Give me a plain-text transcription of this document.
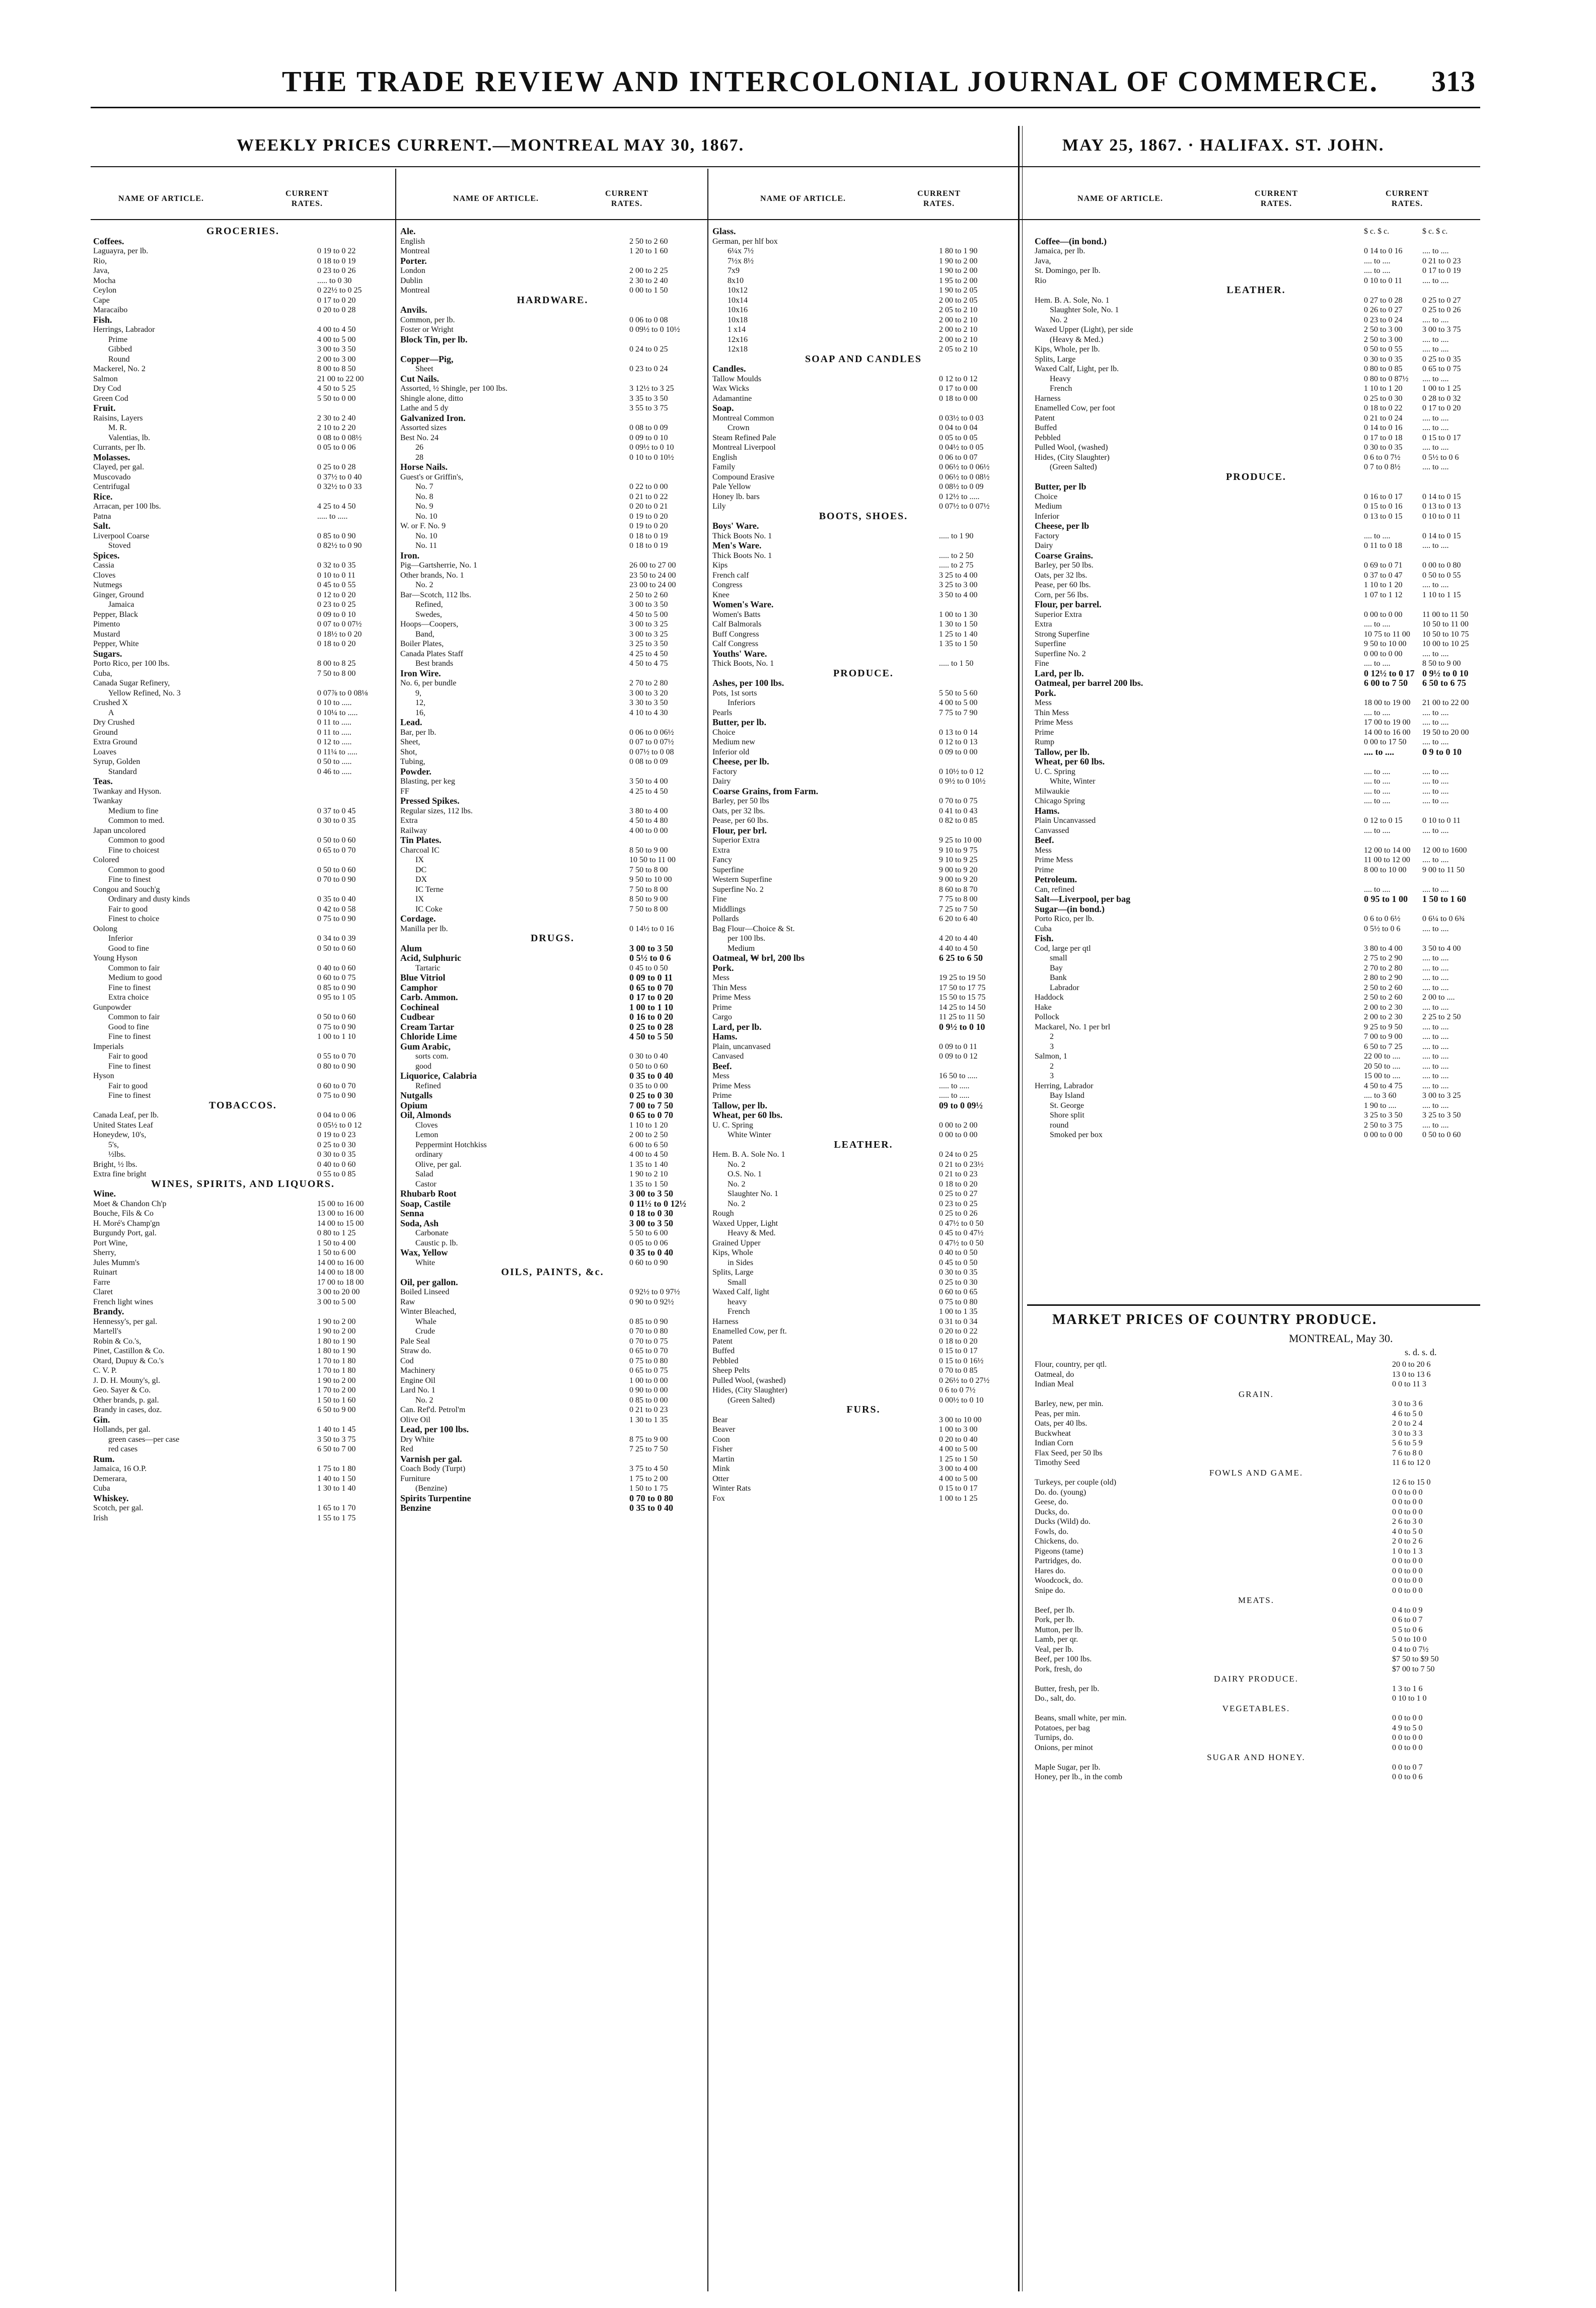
THE TRADE REVIEW AND INTERCOLONIAL JOURNAL OF COMMERCE. 313
WEEKLY PRICES CURRENT.—MONTREAL MAY 30, 1867.	MAY 25, 1867. · HALIFAX. ST. JOHN.
NAME OF ARTICLE.
CURRENT RATES.
NAME OF ARTICLE.
CURRENT RATES.
NAME OF ARTICLE.
CURRENT RATES.
NAME OF ARTICLE.
CURRENT RATES.
CURRENT RATES.
GROCERIES.
Coffees.
Laguayra, per lb.	0 19 to 0 22
Rio,	0 18 to 0 19
Java,	0 23 to 0 26
Mocha	..... to 0 30
Ceylon	0 22½ to 0 25
Cape	0 17 to 0 20
Maracaibo	0 20 to 0 28
Fish.
Herrings, Labrador	4 00 to 4 50
Prime	4 00 to 5 00
Gibbed	3 00 to 3 50
Round	2 00 to 3 00
Mackerel, No. 2	8 00 to 8 50
Salmon	21 00 to 22 00
Dry Cod	4 50 to 5 25
Green Cod	5 50 to 0 00
Fruit.
Raisins, Layers	2 30 to 2 40
M. R.	2 10 to 2 20
Valentias, lb.	0 08 to 0 08½
Currants, per lb.	0 05 to 0 06
Molasses.
Clayed, per gal.	0 25 to 0 28
Muscovado	0 37½ to 0 40
Centrifugal	0 32½ to 0 33
Rice.
Arracan, per 100 lbs.	4 25 to 4 50
Patna	..... to .....
Salt.
Liverpool Coarse	0 85 to 0 90
Stoved	0 82½ to 0 90
Spices.
Cassia	0 32 to 0 35
Cloves	0 10 to 0 11
Nutmegs	0 45 to 0 55
Ginger, Ground	0 12 to 0 20
Jamaica	0 23 to 0 25
Pepper, Black	0 09 to 0 10
Pimento	0 07 to 0 07½
Mustard	0 18½ to 0 20
Pepper, White	0 18 to 0 20
Sugars.
Porto Rico, per 100 lbs.	8 00 to 8 25
Cuba,	7 50 to 8 00
Canada Sugar Refinery,
Yellow Refined, No. 3	0 07⅞ to 0 08⅛
Crushed X	0 10 to .....
A	0 10¼ to .....
Dry Crushed	0 11 to .....
Ground	0 11 to .....
Extra Ground	0 12 to .....
Loaves	0 11¼ to .....
Syrup, Golden	0 50 to .....
Standard	0 46 to .....
Teas.
Twankay and Hyson.
Twankay
Medium to fine	0 37 to 0 45
Common to med.	0 30 to 0 35
Japan uncolored
Common to good	0 50 to 0 60
Fine to choicest	0 65 to 0 70
Colored
Common to good	0 50 to 0 60
Fine to finest	0 70 to 0 90
Congou and Souch'g
Ordinary and dusty kinds	0 35 to 0 40
Fair to good	0 42 to 0 58
Finest to choice	0 75 to 0 90
Oolong
Inferior	0 34 to 0 39
Good to fine	0 50 to 0 60
Young Hyson
Common to fair	0 40 to 0 60
Medium to good	0 60 to 0 75
Fine to finest	0 85 to 0 90
Extra choice	0 95 to 1 05
Gunpowder
Common to fair	0 50 to 0 60
Good to fine	0 75 to 0 90
Fine to finest	1 00 to 1 10
Imperials
Fair to good	0 55 to 0 70
Fine to finest	0 80 to 0 90
Hyson
Fair to good	0 60 to 0 70
Fine to finest	0 75 to 0 90
TOBACCOS.
Canada Leaf, per lb.	0 04 to 0 06
United States Leaf	0 05½ to 0 12
Honeydew, 10's,	0 19 to 0 23
5's,	0 25 to 0 30
½lbs.	0 30 to 0 35
Bright, ½ lbs.	0 40 to 0 60
Extra fine bright	0 55 to 0 85
WINES, SPIRITS, AND LIQUORS.
Wine.
Moet & Chandon Ch'p	15 00 to 16 00
Bouche, Fils & Co	13 00 to 16 00
H. Moré's Champ'gn	14 00 to 15 00
Burgundy Port, gal.	0 80 to 1 25
Port Wine,	1 50 to 4 00
Sherry,	1 50 to 6 00
Jules Mumm's	14 00 to 16 00
Ruinart	14 00 to 18 00
Farre	17 00 to 18 00
Claret	3 00 to 20 00
French light wines	3 00 to 5 00
Brandy.
Hennessy's, per gal.	1 90 to 2 00
Martell's	1 90 to 2 00
Robin & Co.'s,	1 80 to 1 90
Pinet, Castillon & Co.	1 80 to 1 90
Otard, Dupuy & Co.'s	1 70 to 1 80
C. V. P.	1 70 to 1 80
J. D. H. Mouny's, gl.	1 90 to 2 00
Geo. Sayer & Co.	1 70 to 2 00
Other brands, p. gal.	1 50 to 1 60
Brandy in cases, doz.	6 50 to 9 00
Gin.
Hollands, per gal.	1 40 to 1 45
green cases—per case	3 50 to 3 75
red cases	6 50 to 7 00
Rum.
Jamaica, 16 O.P.	1 75 to 1 80
Demerara,	1 40 to 1 50
Cuba	1 30 to 1 40
Whiskey.
Scotch, per gal.	1 65 to 1 70
Irish	1 55 to 1 75
Ale.
English	2 50 to 2 60
Montreal	1 20 to 1 60
Porter.
London	2 00 to 2 25
Dublin	2 30 to 2 40
Montreal	0 00 to 1 50
HARDWARE.
Anvils.
Common, per lb.	0 06 to 0 08
Foster or Wright	0 09½ to 0 10½
Block Tin, per lb.
0 24 to 0 25
Copper—Pig,
Sheet	0 23 to 0 24
Cut Nails.
Assorted, ½ Shingle, per 100 lbs.	3 12½ to 3 25
Shingle alone, ditto	3 35 to 3 50
Lathe and 5 dy	3 55 to 3 75
Galvanized Iron.
Assorted sizes	0 08 to 0 09
Best No. 24	0 09 to 0 10
26	0 09½ to 0 10
28	0 10 to 0 10½
Horse Nails.
Guest's or Griffin's,
No. 7	0 22 to 0 00
No. 8	0 21 to 0 22
No. 9	0 20 to 0 21
No. 10	0 19 to 0 20
W. or F. No. 9	0 19 to 0 20
No. 10	0 18 to 0 19
No. 11	0 18 to 0 19
Iron.
Pig—Gartsherrie, No. 1	26 00 to 27 00
Other brands, No. 1	23 50 to 24 00
No. 2	23 00 to 24 00
Bar—Scotch, 112 lbs.	2 50 to 2 60
Refined,	3 00 to 3 50
Swedes,	4 50 to 5 00
Hoops—Coopers,	3 00 to 3 25
Band,	3 00 to 3 25
Boiler Plates,	3 25 to 3 50
Canada Plates Staff	4 25 to 4 50
Best brands	4 50 to 4 75
Iron Wire.
No. 6, per bundle	2 70 to 2 80
9,	3 00 to 3 20
12,	3 30 to 3 50
16,	4 10 to 4 30
Lead.
Bar, per lb.	0 06 to 0 06½
Sheet,	0 07 to 0 07½
Shot,	0 07½ to 0 08
Tubing,	0 08 to 0 09
Powder.
Blasting, per keg	3 50 to 4 00
FF	4 25 to 4 50
Pressed Spikes.
Regular sizes, 112 lbs.	3 80 to 4 00
Extra	4 50 to 4 80
Railway	4 00 to 0 00
Tin Plates.
Charcoal IC	8 50 to 9 00
IX	10 50 to 11 00
DC	7 50 to 8 00
DX	9 50 to 10 00
IC Terne	7 50 to 8 00
IX	8 50 to 9 00
IC Coke	7 50 to 8 00
Cordage.
Manilla per lb.	0 14½ to 0 16
DRUGS.
Alum	3 00 to 3 50
Acid, Sulphuric	0 5½ to 0 6
Tartaric	0 45 to 0 50
Blue Vitriol	0 09 to 0 11
Camphor	0 65 to 0 70
Carb. Ammon.	0 17 to 0 20
Cochineal	1 00 to 1 10
Cudbear	0 16 to 0 20
Cream Tartar	0 25 to 0 28
Chloride Lime	4 50 to 5 50
Gum Arabic,
sorts com.	0 30 to 0 40
good	0 50 to 0 60
Liquorice, Calabria	0 35 to 0 40
Refined	0 35 to 0 00
Nutgalls	0 25 to 0 30
Opium	7 00 to 7 50
Oil, Almonds	0 65 to 0 70
Cloves	1 10 to 1 20
Lemon	2 00 to 2 50
Peppermint Hotchkiss	6 00 to 6 50
ordinary	4 00 to 4 50
Olive, per gal.	1 35 to 1 40
Salad	1 90 to 2 10
Castor	1 35 to 1 50
Rhubarb Root	3 00 to 3 50
Soap, Castile	0 11½ to 0 12½
Senna	0 18 to 0 30
Soda, Ash	3 00 to 3 50
Carbonate	5 50 to 6 00
Caustic p. lb.	0 05 to 0 06
Wax, Yellow	0 35 to 0 40
White	0 60 to 0 90
OILS, PAINTS, &c.
Oil, per gallon.
Boiled Linseed	0 92½ to 0 97½
Raw	0 90 to 0 92½
Winter Bleached,
Whale	0 85 to 0 90
Crude	0 70 to 0 80
Pale Seal	0 70 to 0 75
Straw do.	0 65 to 0 70
Cod	0 75 to 0 80
Machinery	0 65 to 0 75
Engine Oil	1 00 to 0 00
Lard No. 1	0 90 to 0 00
No. 2	0 85 to 0 00
Can. Ref'd. Petrol'm	0 21 to 0 23
Olive Oil	1 30 to 1 35
Lead, per 100 lbs.
Dry White	8 75 to 9 00
Red	7 25 to 7 50
Varnish per gal.
Coach Body (Turpt)	3 75 to 4 50
Furniture	1 75 to 2 00
(Benzine)	1 50 to 1 75
Spirits Turpentine	0 70 to 0 80
Benzine	0 35 to 0 40
Glass.
German, per hlf box
6¼x 7½	1 80 to 1 90
7½x 8½	1 90 to 2 00
7x9	1 90 to 2 00
8x10	1 95 to 2 00
10x12	1 90 to 2 05
10x14	2 00 to 2 05
10x16	2 05 to 2 10
10x18	2 00 to 2 10
1 x14	2 00 to 2 10
12x16	2 00 to 2 10
12x18	2 05 to 2 10
SOAP AND CANDLES
Candles.
Tallow Moulds	0 12 to 0 12
Wax Wicks	0 17 to 0 00
Adamantine	0 18 to 0 00
Soap.
Montreal Common	0 03½ to 0 03
Crown	0 04 to 0 04
Steam Refined Pale	0 05 to 0 05
Montreal Liverpool	0 04½ to 0 05
English	0 06 to 0 07
Family	0 06½ to 0 06½
Compound Erasive	0 06½ to 0 08½
Pale Yellow	0 08½ to 0 09
Honey lb. bars	0 12½ to .....
Lily	0 07½ to 0 07½
BOOTS, SHOES.
Boys' Ware.
Thick Boots No. 1	..... to 1 90
Men's Ware.
Thick Boots No. 1	..... to 2 50
Kips	..... to 2 75
French calf	3 25 to 4 00
Congress	3 25 to 3 00
Knee	3 50 to 4 00
Women's Ware.
Women's Batts	1 00 to 1 30
Calf Balmorals	1 30 to 1 50
Buff Congress	1 25 to 1 40
Calf Congress	1 35 to 1 50
Youths' Ware.
Thick Boots, No. 1	..... to 1 50
PRODUCE.
Ashes, per 100 lbs.
Pots, 1st sorts	5 50 to 5 60
Inferiors	4 00 to 5 00
Pearls	7 75 to 7 90
Butter, per lb.
Choice	0 13 to 0 14
Medium new	0 12 to 0 13
Inferior old	0 09 to 0 00
Cheese, per lb.
Factory	0 10½ to 0 12
Dairy	0 9½ to 0 10½
Coarse Grains, from Farm.
Barley, per 50 lbs	0 70 to 0 75
Oats, per 32 lbs.	0 41 to 0 43
Pease, per 60 lbs.	0 82 to 0 85
Flour, per brl.
Superior Extra	9 25 to 10 00
Extra	9 10 to 9 75
Fancy	9 10 to 9 25
Superfine	9 00 to 9 20
Western Superfine	9 00 to 9 20
Superfine No. 2	8 60 to 8 70
Fine	7 75 to 8 00
Middlings	7 25 to 7 50
Pollards	6 20 to 6 40
Bag Flour—Choice & St.
per 100 lbs.	4 20 to 4 40
Medium	4 40 to 4 50
Oatmeal, ₩ brl, 200 lbs	6 25 to 6 50
Pork.
Mess	19 25 to 19 50
Thin Mess	17 50 to 17 75
Prime Mess	15 50 to 15 75
Prime	14 25 to 14 50
Cargo	11 25 to 11 50
Lard, per lb.	0 9½ to 0 10
Hams.
Plain, uncanvased	0 09 to 0 11
Canvased	0 09 to 0 12
Beef.
Mess	16 50 to .....
Prime Mess	..... to .....
Prime	..... to .....
Tallow, per lb.	09 to 0 09½
Wheat, per 60 lbs.
U. C. Spring	0 00 to 2 00
White Winter	0 00 to 0 00
LEATHER.
Hem. B. A. Sole No. 1	0 24 to 0 25
No. 2	0 21 to 0 23½
O.S. No. 1	0 21 to 0 23
No. 2	0 18 to 0 20
Slaughter No. 1	0 25 to 0 27
No. 2	0 23 to 0 25
Rough	0 25 to 0 26
Waxed Upper, Light	0 47½ to 0 50
Heavy & Med.	0 45 to 0 47½
Grained Upper	0 47½ to 0 50
Kips, Whole	0 40 to 0 50
in Sides	0 45 to 0 50
Splits, Large	0 30 to 0 35
Small	0 25 to 0 30
Waxed Calf, light	0 60 to 0 65
heavy	0 75 to 0 80
French	1 00 to 1 35
Harness	0 31 to 0 34
Enamelled Cow, per ft.	0 20 to 0 22
Patent	0 18 to 0 20
Buffed	0 15 to 0 17
Pebbled	0 15 to 0 16½
Sheep Pelts	0 70 to 0 85
Pulled Wool, (washed)	0 26½ to 0 27½
Hides, (City Slaughter)	0 6 to 0 7½
(Green Salted)	0 00½ to 0 10
FURS.
Bear	3 00 to 10 00
Beaver	1 00 to 3 00
Coon	0 20 to 0 40
Fisher	4 00 to 5 00
Martin	1 25 to 1 50
Mink	3 00 to 4 00
Otter	4 00 to 5 00
Winter Rats	0 15 to 0 17
Fox	1 00 to 1 25
$ c. $ c.	$ c. $ c.
Coffee—(in bond.)
Jamaica, per lb.	0 14 to 0 16	.... to ....
Java,	.... to ....	0 21 to 0 23
St. Domingo, per lb.	.... to ....	0 17 to 0 19
Rio	0 10 to 0 11	.... to ....
LEATHER.
Hem. B. A. Sole, No. 1	0 27 to 0 28	0 25 to 0 27
Slaughter Sole, No. 1	0 26 to 0 27	0 25 to 0 26
No. 2	0 23 to 0 24	.... to ....
Waxed Upper (Light), per side	2 50 to 3 00	3 00 to 3 75
(Heavy & Med.)	2 50 to 3 00	.... to ....
Kips, Whole, per lb.	0 50 to 0 55	.... to ....
Splits, Large	0 30 to 0 35	0 25 to 0 35
Waxed Calf, Light, per lb.	0 80 to 0 85	0 65 to 0 75
Heavy	0 80 to 0 87½	.... to ....
French	1 10 to 1 20	1 00 to 1 25
Harness	0 25 to 0 30	0 28 to 0 32
Enamelled Cow, per foot	0 18 to 0 22	0 17 to 0 20
Patent	0 21 to 0 24	.... to ....
Buffed	0 14 to 0 16	.... to ....
Pebbled	0 17 to 0 18	0 15 to 0 17
Pulled Wool, (washed)	0 30 to 0 35	.... to ....
Hides, (City Slaughter)	0 6 to 0 7½	0 5½ to 0 6
(Green Salted)	0 7 to 0 8½	.... to ....
PRODUCE.
Butter, per lb
Choice	0 16 to 0 17	0 14 to 0 15
Medium	0 15 to 0 16	0 13 to 0 13
Inferior	0 13 to 0 15	0 10 to 0 11
Cheese, per lb
Factory	.... to ....	0 14 to 0 15
Dairy	0 11 to 0 18	.... to ....
Coarse Grains.
Barley, per 50 lbs.	0 69 to 0 71	0 00 to 0 80
Oats, per 32 lbs.	0 37 to 0 47	0 50 to 0 55
Pease, per 60 lbs.	1 10 to 1 20	.... to ....
Corn, per 56 lbs.	1 07 to 1 12	1 10 to 1 15
Flour, per barrel.
Superior Extra	0 00 to 0 00	11 00 to 11 50
Extra	.... to ....	10 50 to 11 00
Strong Superfine	10 75 to 11 00	10 50 to 10 75
Superfine	9 50 to 10 00	10 00 to 10 25
Superfine No. 2	0 00 to 0 00	.... to ....
Fine	.... to ....	8 50 to 9 00
Lard, per lb.	0 12½ to 0 17 0 9½ to 0 10
Oatmeal, per barrel 200 lbs.	6 00 to 7 50	6 50 to 6 75
Pork.
Mess	18 00 to 19 00	21 00 to 22 00
Thin Mess	.... to ....	.... to ....
Prime Mess	17 00 to 19 00	.... to ....
Prime	14 00 to 16 00	19 50 to 20 00
Rump	0 00 to 17 50	.... to ....
Tallow, per lb.	.... to ....	0 9 to 0 10
Wheat, per 60 lbs.
U. C. Spring	.... to ....	.... to ....
White, Winter	.... to ....	.... to ....
Milwaukie	.... to ....	.... to ....
Chicago Spring	.... to ....	.... to ....
Hams.
Plain Uncanvassed	0 12 to 0 15	0 10 to 0 11
Canvassed	.... to ....	.... to ....
Beef.
Mess	12 00 to 14 00	12 00 to 1600
Prime Mess	11 00 to 12 00	.... to ....
Prime	8 00 to 10 00	9 00 to 11 50
Petroleum.
Can, refined	.... to ....	.... to ....
Salt—Liverpool, per bag	0 95 to 1 00	1 50 to 1 60
Sugar—(in bond.)
Porto Rico, per lb.	0 6 to 0 6½	0 6¼ to 0 6¾
Cuba	0 5½ to 0 6	.... to ....
Fish.
Cod, large per qtl	3 80 to 4 00	3 50 to 4 00
small	2 75 to 2 90	.... to ....
Bay	2 70 to 2 80	.... to ....
Bank	2 80 to 2 90	.... to ....
Labrador	2 50 to 2 60	.... to ....
Haddock	2 50 to 2 60	2 00 to ....
Hake	2 00 to 2 30	.... to ....
Pollock	2 00 to 2 30	2 25 to 2 50
Mackarel, No. 1 per brl	9 25 to 9 50	.... to ....
2	7 00 to 9 00	.... to ....
3	6 50 to 7 25	.... to ....
Salmon, 1	22 00 to ....	.... to ....
2	20 50 to ....	.... to ....
3	15 00 to ....	.... to ....
Herring, Labrador	4 50 to 4 75	.... to ....
Bay Island	.... to 3 60	3 00 to 3 25
St. George	1 90 to ....	.... to ....
Shore split	3 25 to 3 50	3 25 to 3 50
round	2 50 to 3 75	.... to ....
Smoked per box	0 00 to 0 00	0 50 to 0 60
MARKET PRICES OF COUNTRY PRODUCE.
MONTREAL, May 30.
s. d. s. d.
Flour, country, per qtl.	20 0 to 20 6
Oatmeal, do	13 0 to 13 6
Indian Meal	0 0 to 11 3
GRAIN.
Barley, new, per min.	3 0 to 3 6
Peas, per min.	4 6 to 5 0
Oats, per 40 lbs.	2 0 to 2 4
Buckwheat	3 0 to 3 3
Indian Corn	5 6 to 5 9
Flax Seed, per 50 lbs	7 6 to 8 0
Timothy Seed	11 6 to 12 0
FOWLS AND GAME.
Turkeys, per couple (old)	12 6 to 15 0
Do. do. (young)	0 0 to 0 0
Geese, do.	0 0 to 0 0
Ducks, do.	0 0 to 0 0
Ducks (Wild) do.	2 6 to 3 0
Fowls, do.	4 0 to 5 0
Chickens, do.	2 0 to 2 6
Pigeons (tame)	1 0 to 1 3
Partridges, do.	0 0 to 0 0
Hares do.	0 0 to 0 0
Woodcock, do.	0 0 to 0 0
Snipe do.	0 0 to 0 0
MEATS.
Beef, per lb.	0 4 to 0 9
Pork, per lb.	0 6 to 0 7
Mutton, per lb.	0 5 to 0 6
Lamb, per qr.	5 0 to 10 0
Veal, per lb.	0 4 to 0 7½
Beef, per 100 lbs.	$7 50 to $9 50
Pork, fresh, do	$7 00 to 7 50
DAIRY PRODUCE.
Butter, fresh, per lb.	1 3 to 1 6
Do., salt, do.	0 10 to 1 0
VEGETABLES.
Beans, small white, per min.	0 0 to 0 0
Potatoes, per bag	4 9 to 5 0
Turnips, do.	0 0 to 0 0
Onions, per minot	0 0 to 0 0
SUGAR AND HONEY.
Maple Sugar, per lb.	0 0 to 0 7
Honey, per lb., in the comb	0 0 to 0 6
